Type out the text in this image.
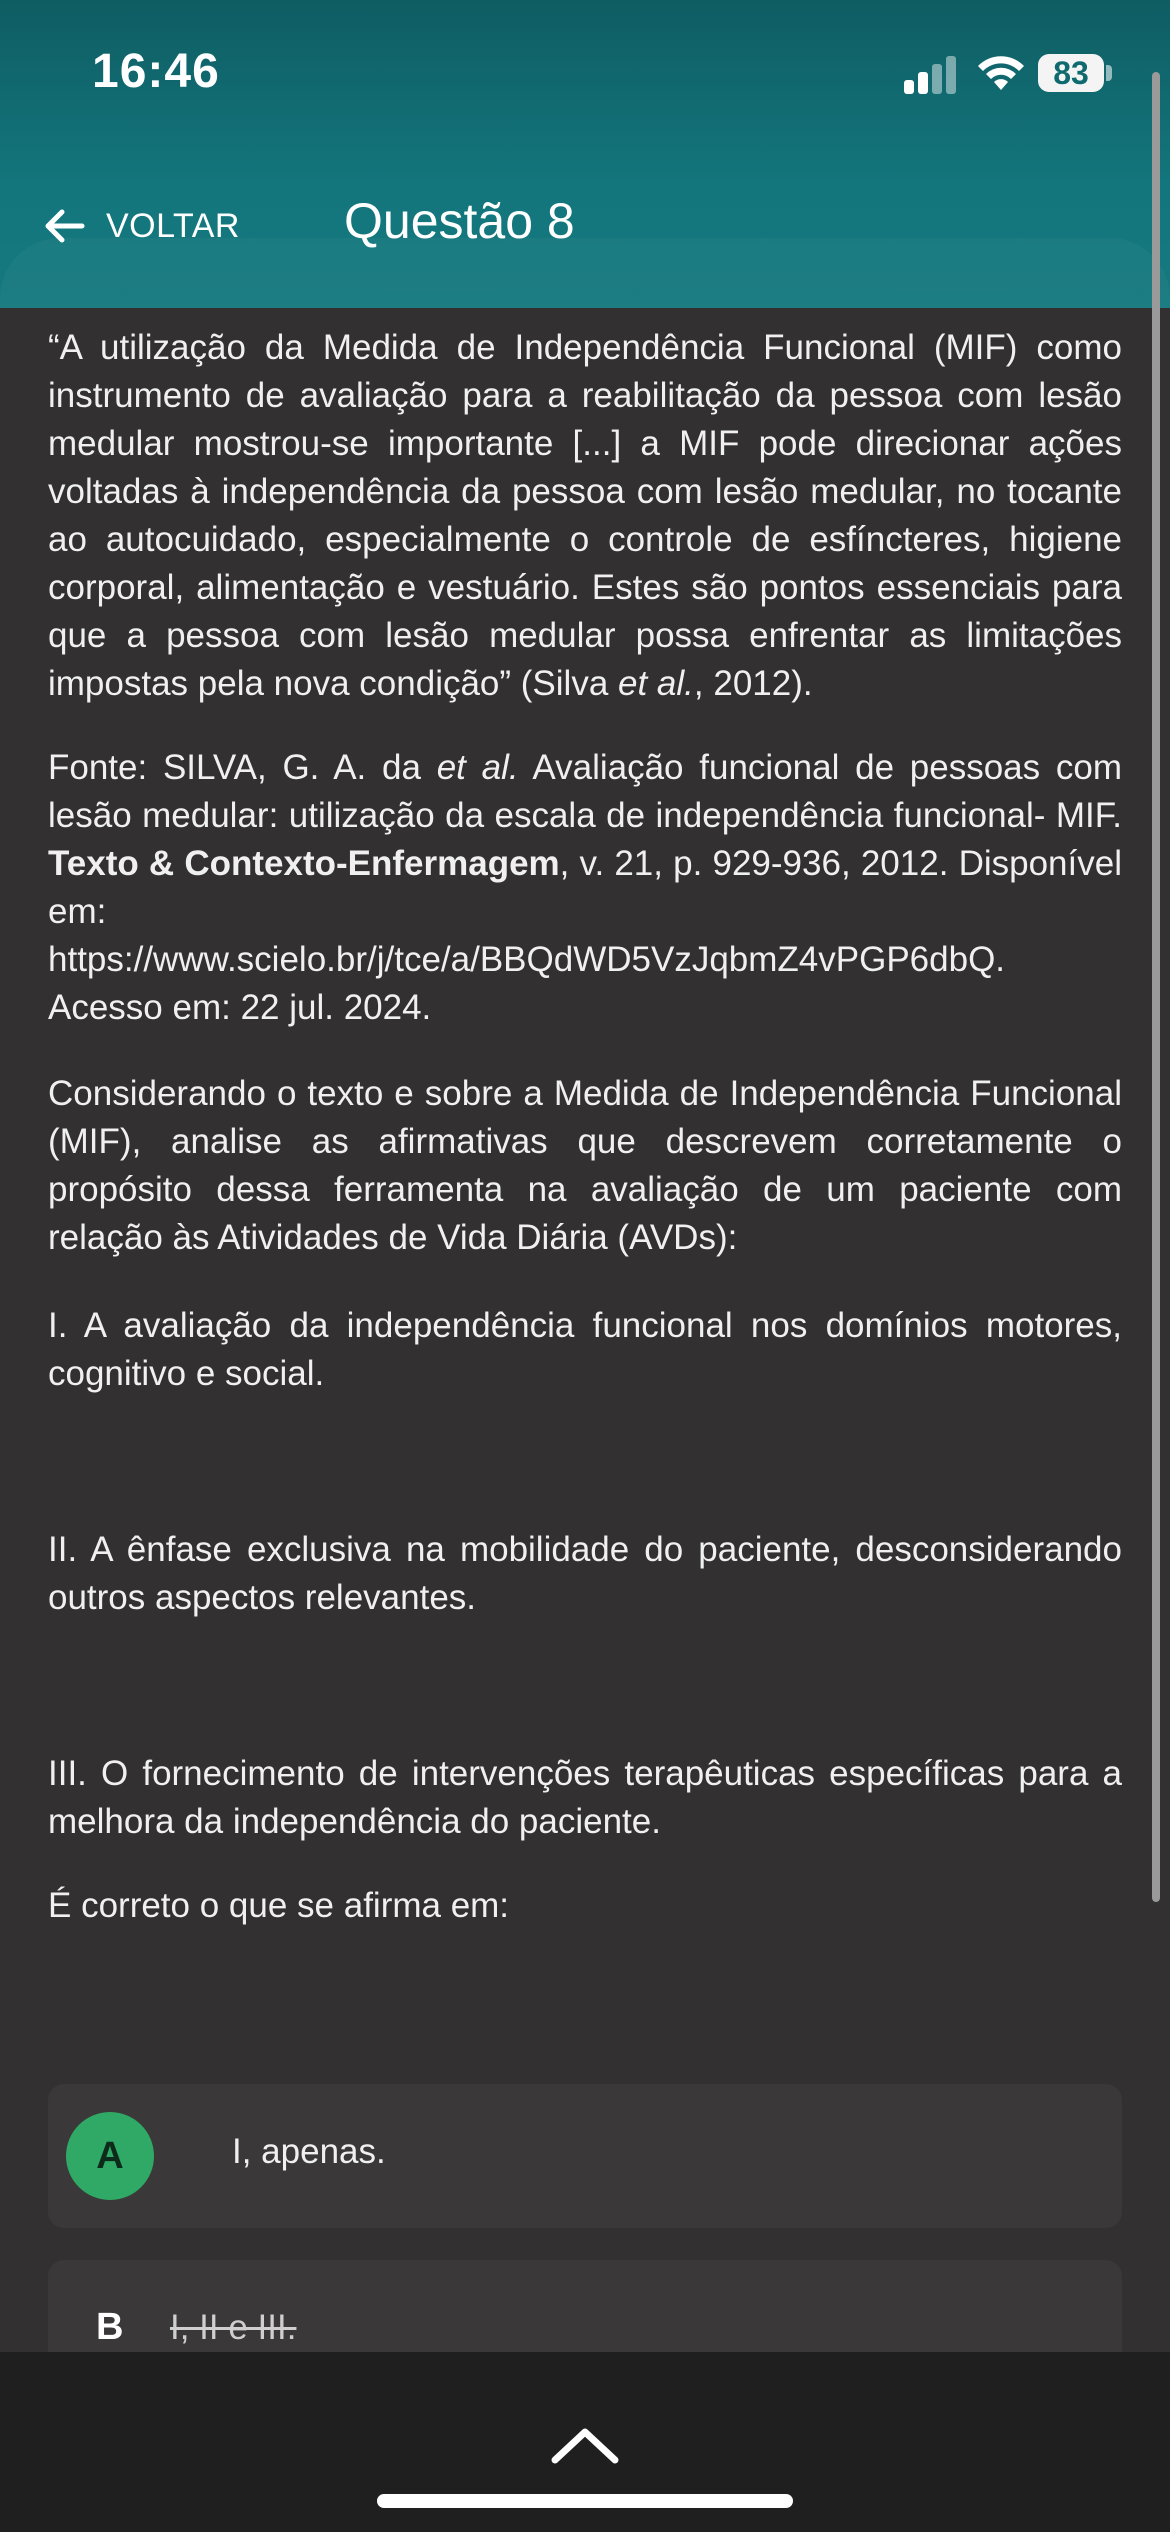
16:46	83
VOLTAR Questão 8

“A utilização da Medida de Independência Funcional (MIF) como instrumento de avaliação para a reabilitação da pessoa com lesão medular mostrou-se importante [...] a MIF pode direcionar ações voltadas à independência da pessoa com lesão medular, no tocante ao autocuidado, especialmente o controle de esfíncteres, higiene corporal, alimentação e vestuário. Estes são pontos essenciais para que a pessoa com lesão medular possa enfrentar as limitações impostas pela nova condição” (Silva et al., 2012).

Fonte: SILVA, G. A. da et al. Avaliação funcional de pessoas com lesão medular: utilização da escala de independência funcional- MIF. Texto & Contexto-Enfermagem, v. 21, p. 929-936, 2012. Disponível em:
https://www.scielo.br/j/tce/a/BBQdWD5VzJqbmZ4vPGP6dbQ.
Acesso em: 22 jul. 2024.

Considerando o texto e sobre a Medida de Independência Funcional (MIF), analise as afirmativas que descrevem corretamente o propósito dessa ferramenta na avaliação de um paciente com relação às Atividades de Vida Diária (AVDs):

I. A avaliação da independência funcional nos domínios motores, cognitivo e social.

II. A ênfase exclusiva na mobilidade do paciente, desconsiderando outros aspectos relevantes.

III. O fornecimento de intervenções terapêuticas específicas para a melhora da independência do paciente.

É correto o que se afirma em:

A	I, apenas.
B I, II e III.
